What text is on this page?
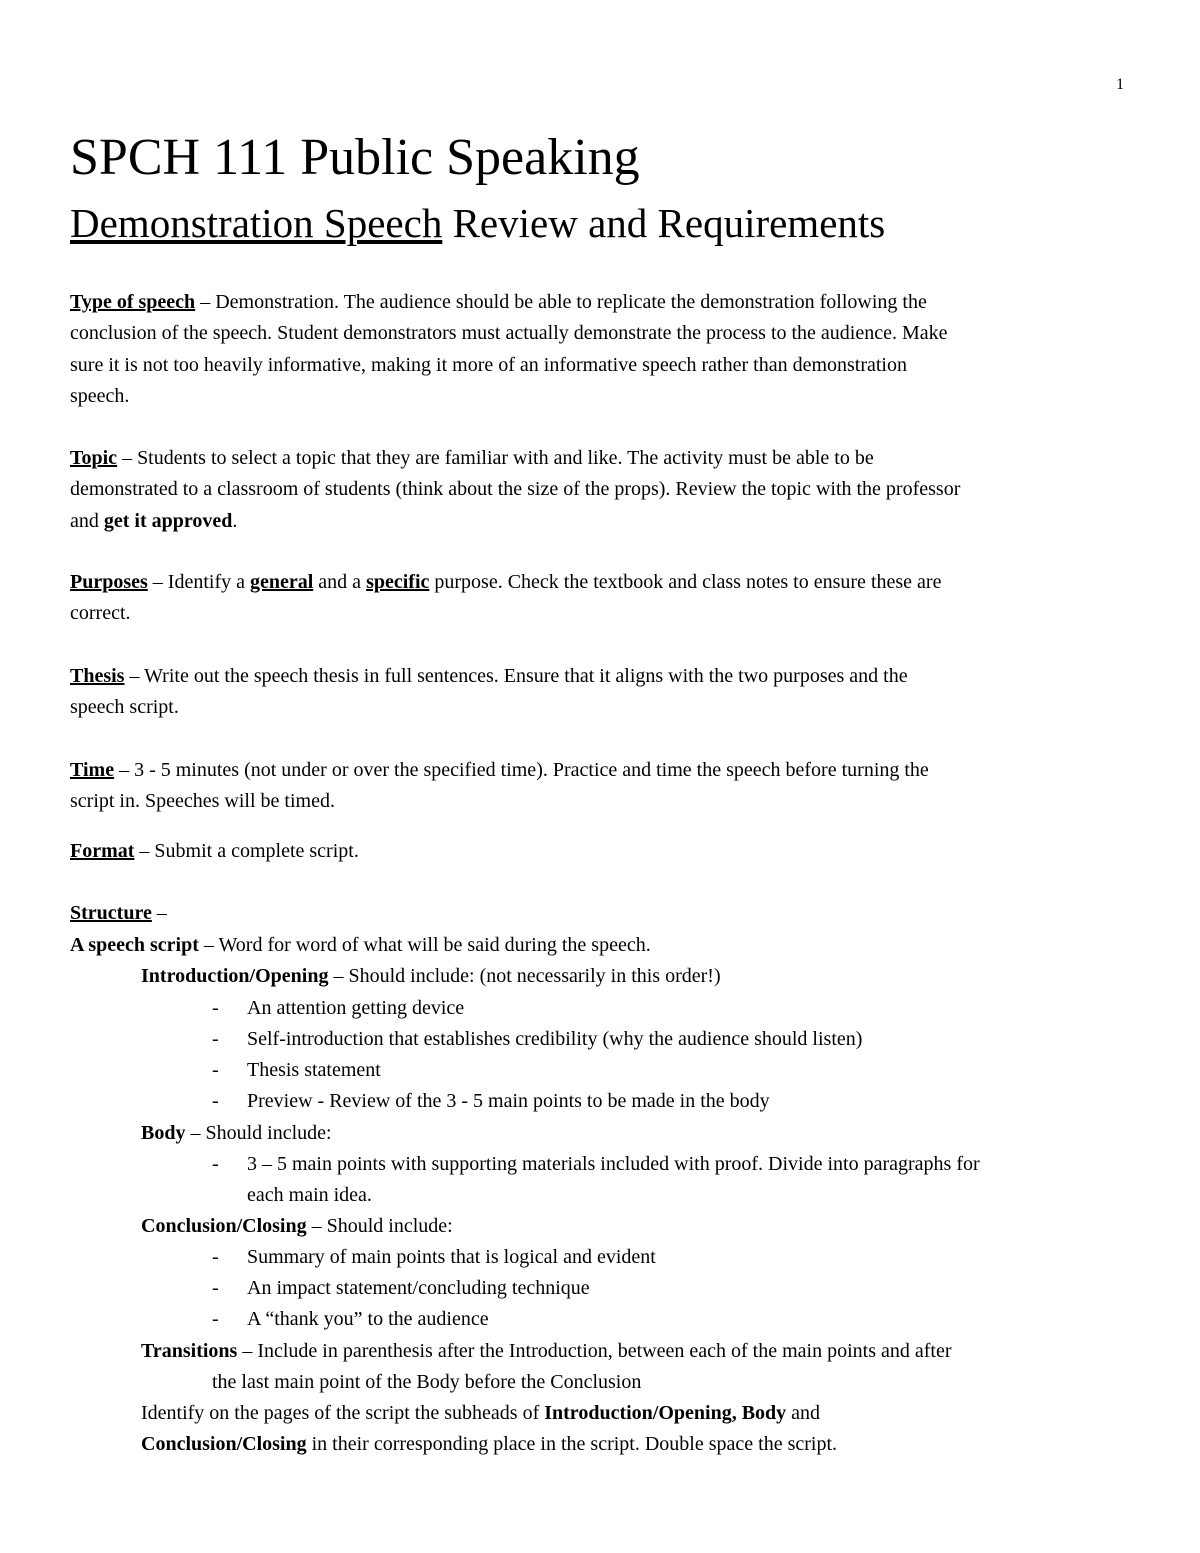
1
SPCH 111 Public Speaking
Demonstration Speech Review and Requirements
Type of speech – Demonstration. The audience should be able to replicate the demonstration following the
conclusion of the speech. Student demonstrators must actually demonstrate the process to the audience. Make
sure it is not too heavily informative, making it more of an informative speech rather than demonstration
speech.
Topic – Students to select a topic that they are familiar with and like. The activity must be able to be
demonstrated to a classroom of students (think about the size of the props). Review the topic with the professor
and get it approved.
Purposes – Identify a general and a specific purpose. Check the textbook and class notes to ensure these are
correct.
Thesis – Write out the speech thesis in full sentences. Ensure that it aligns with the two purposes and the
speech script.
Time – 3 - 5 minutes (not under or over the specified time). Practice and time the speech before turning the
script in. Speeches will be timed.
Format – Submit a complete script.
Structure –
A speech script – Word for word of what will be said during the speech.
Introduction/Opening – Should include: (not necessarily in this order!)
- An attention getting device
- Self-introduction that establishes credibility (why the audience should listen)
- Thesis statement
- Preview - Review of the 3 - 5 main points to be made in the body
Body – Should include:
- 3 – 5 main points with supporting materials included with proof. Divide into paragraphs for
each main idea.
Conclusion/Closing – Should include:
- Summary of main points that is logical and evident
- An impact statement/concluding technique
- A “thank you” to the audience
Transitions – Include in parenthesis after the Introduction, between each of the main points and after
the last main point of the Body before the Conclusion
Identify on the pages of the script the subheads of Introduction/Opening, Body and
Conclusion/Closing in their corresponding place in the script. Double space the script.
